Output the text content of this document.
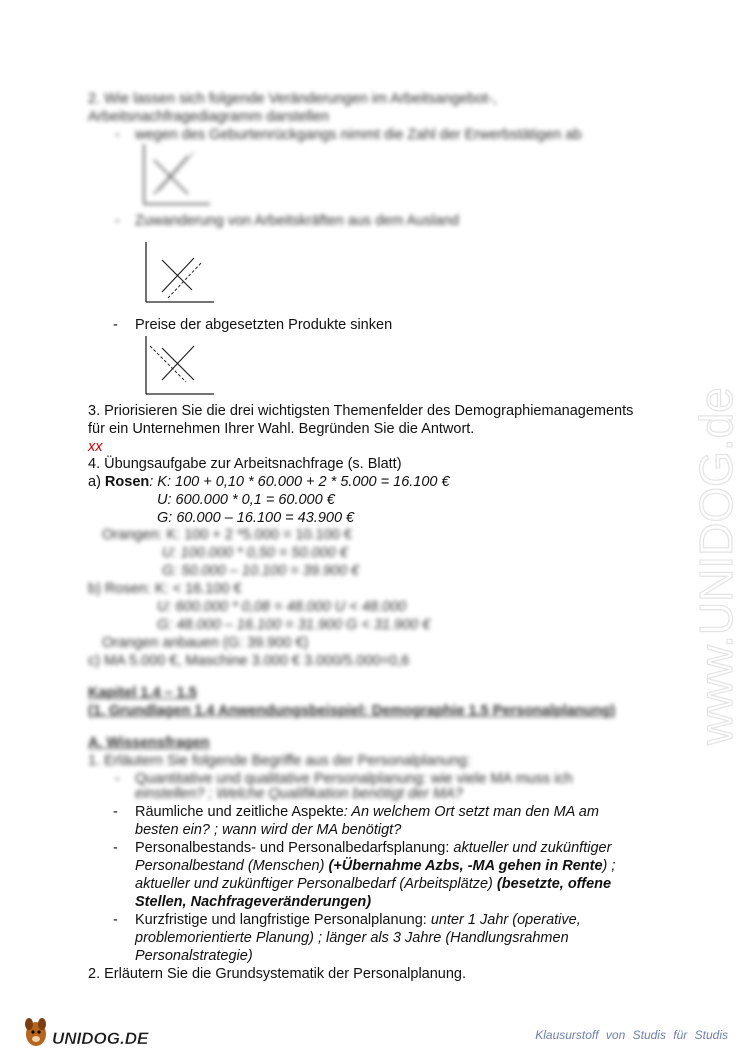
2. Wie lassen sich folgende Veränderungen im Arbeitsangebot-,
Arbeitsnachfragediagramm darstellen
- wegen des Geburtenrückgangs nimmt die Zahl der Erwerbstätigen ab
- Zuwanderung von Arbeitskräften aus dem Ausland
- Preise der abgesetzten Produkte sinken
3. Priorisieren Sie die drei wichtigsten Themenfelder des Demographiemanagements
für ein Unternehmen Ihrer Wahl. Begründen Sie die Antwort.
xx
4. Übungsaufgabe zur Arbeitsnachfrage (s. Blatt)
a) Rosen: K: 100 + 0,10 * 60.000 + 2 * 5.000 = 16.100 €
U: 600.000 * 0,1 = 60.000 €
G: 60.000 – 16.100 = 43.900 €
Orangen: K: 100 + 2 *5.000 = 10.100 €
U: 100.000 * 0,50 = 50.000 €
G: 50.000 – 10.100 = 39.900 €
b) Rosen: K: < 16.100 €
U: 600.000 * 0,08 = 48.000 U < 48.000
G: 48.000 – 16.100 = 31.900 G < 31.900 €
Orangen anbauen (G: 39.900 €)
c) MA 5.000 €, Maschine 3.000 € 3.000/5.000=0,6
Kapitel 1.4 – 1.5
(1. Grundlagen 1.4 Anwendungsbeispiel: Demographie 1.5 Personalplanung)
A. Wissensfragen
1. Erläutern Sie folgende Begriffe aus der Personalplanung:
- Quantitative und qualitative Personalplanung: wie viele MA muss ich
einstellen? ; Welche Qualifikation benötigt der MA?
- Räumliche und zeitliche Aspekte: An welchem Ort setzt man den MA am
besten ein? ; wann wird der MA benötigt?
- Personalbestands- und Personalbedarfsplanung: aktueller und zukünftiger
Personalbestand (Menschen) (+Übernahme Azbs, -MA gehen in Rente) ;
aktueller und zukünftiger Personalbedarf (Arbeitsplätze) (besetzte, offene
Stellen, Nachfrageveränderungen)
- Kurzfristige und langfristige Personalplanung: unter 1 Jahr (operative,
problemorientierte Planung) ; länger als 3 Jahre (Handlungsrahmen
Personalstrategie)
2. Erläutern Sie die Grundsystematik der Personalplanung.
www.UNIDOG.de
UNIDOG.DE	Klausurstoff von Studis für Studis
